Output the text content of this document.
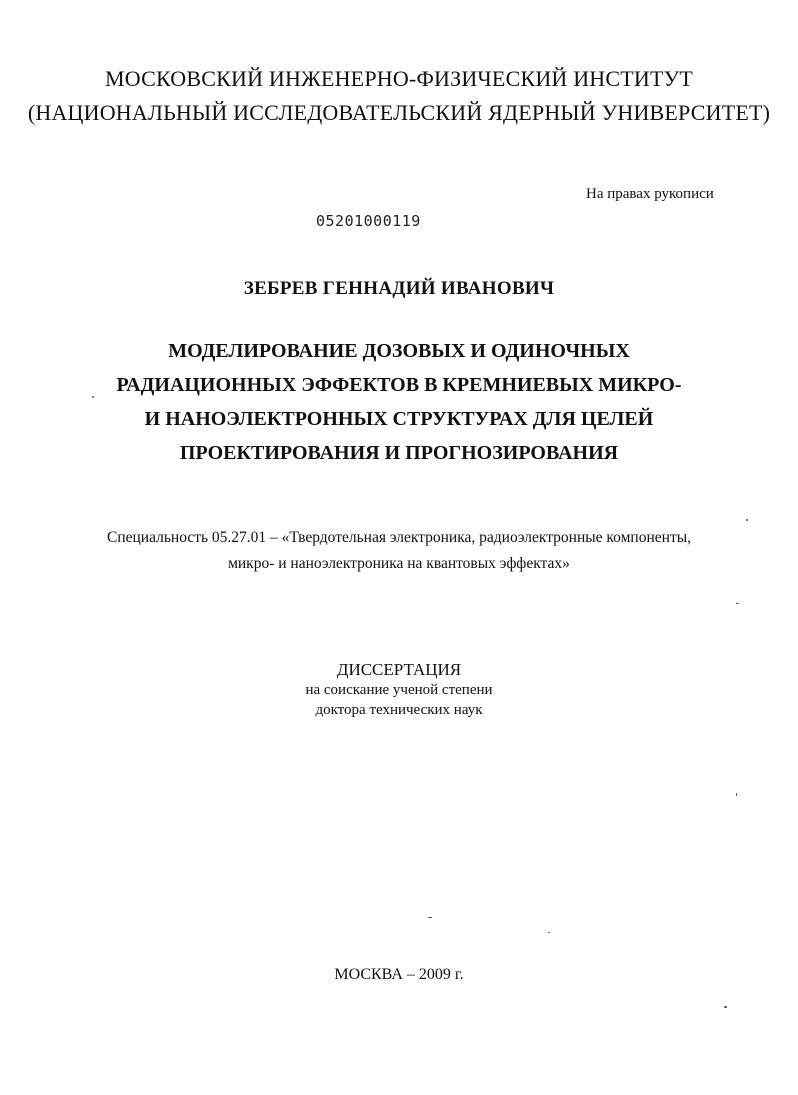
МОСКОВСКИЙ ИНЖЕНЕРНО-ФИЗИЧЕСКИЙ ИНСТИТУТ
(НАЦИОНАЛЬНЫЙ ИССЛЕДОВАТЕЛЬСКИЙ ЯДЕРНЫЙ УНИВЕРСИТЕТ)
На правах рукописи
05201000119
ЗЕБРЕВ ГЕННАДИЙ ИВАНОВИЧ
МОДЕЛИРОВАНИЕ ДОЗОВЫХ И ОДИНОЧНЫХ
РАДИАЦИОННЫХ ЭФФЕКТОВ В КРЕМНИЕВЫХ МИКРО-
И НАНОЭЛЕКТРОННЫХ СТРУКТУРАХ ДЛЯ ЦЕЛЕЙ
ПРОЕКТИРОВАНИЯ И ПРОГНОЗИРОВАНИЯ
Специальность 05.27.01 – «Твердотельная электроника, радиоэлектронные компоненты,
микро- и наноэлектроника на квантовых эффектах»
ДИССЕРТАЦИЯ
на соискание ученой степени
доктора технических наук
МОСКВА – 2009 г.
